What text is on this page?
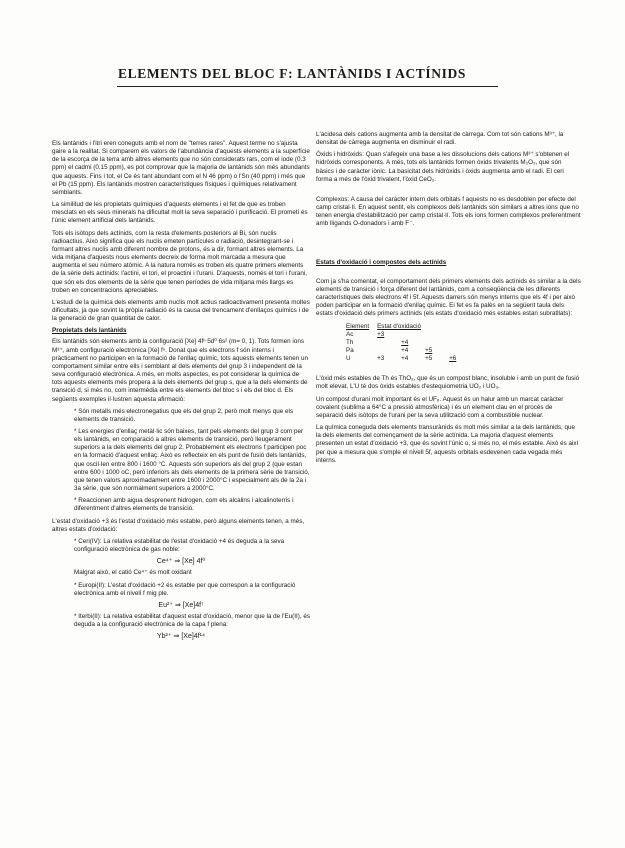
ELEMENTS DEL BLOC F: LANTÀNIDS I ACTÍNIDS

Els lantànids i l'itri eren coneguts amb el nom de "terres rares". Aquest terme no s'ajusta gaire a la realitat. Si comparem els valors de l'abundància d'aquests elements a la superfície de la escorça de la terra amb altres elements que no són considerats rars, com el iode (0.3 ppm) el cadmi (0.15 ppm), es pot comprovar que la majoria de lantànids són més abundants que aquests. Fins i tot, el Ce és tant abundant com el N 46 ppm) o l'Sn (40 ppm) i més que el Pb (15 ppm). Els lantànids mostren característiques físiques i químiques relativament semblants.

La similitud de les propietats químiques d'aquests elements i el fet de que es troben mesclats en els seus minerals ha dificultat molt la seva separació i purificació. El prometi és l'únic element artificial dels lantànids.

Tots els isòtops dels actínids, com la resta d'elements posteriors al Bi, són nuclis radioactius. Això significa que els nuclis emeten partícules o radiació, desintegrant-se i formant altres nuclis amb diferent nombre de protons, és a dir, formant altres elements. La vida mitjana d'aquests nous elements decreix de forma molt marcada a mesura que augmenta el seu número atòmic. A la natura només es troben els quatre primers elements de la sèrie dels actínids: l'actini, el tori, el proactini i l'urani. D'aquests, només el tori i l'urani, que són els dos elements de la sèrie que tenen períodes de vida mitjana més llargs es troben en concentracions apreciables.

L'estudi de la química dels elements amb nuclis molt actius radioactivament presenta moltes dificultats, ja que sovint la pròpia radiació és la causa del trencament d'enllaços químics i de la generació de gran quantitat de calor.

Propietats dels lantànids

Els lantànids són elements amb la configuració [Xe] 4fⁿ 5d⁰ 6s² (m= 0, 1). Tots formen ions M³⁺, amb configuració electrònica [Xe] fⁿ. Donat que els electrons f són interns i pràcticament no participen en la formació de l'enllaç químic, tots aquests elements tenen un comportament similar entre ells i semblant al dels elements del grup 3 i independent de la seva configuració electrònica. A més, en molts aspectes, es pot considerar la química de tots aquests elements més propera a la dels elements del grup s, que a la dels elements de transició d, si més no, com intermèdia entre els elements del bloc s i els del bloc d. Els següents exemples il·lustren aquesta afirmació:

* Són metalls més electronegatius que els del grup 2, però molt menys que els elements de transició.

* Les energies d'enllaç metàl·lic són baixes, tant pels elements del grup 3 com per els lantànids, en comparació a altres elements de transició, però lleugerament superiors a la dels elements del grup 2. Probablement els electrons f participen poc en la formació d'aquest enllaç. Això es reflecteix en els punt de fusió dels lantànids, que oscil·len entre 800 i 1600 °C. Aquests són superiors als del grup 2 (que estan entre 600 i 1000 oC, però inferiors als dels elements de la primera sèrie de transició, que tenen valors aproximadament entre 1600 i 2000°C i especialment als de la 2a i 3a sèrie, que són normalment superiors a 2000°C.

* Reaccionen amb aigua desprenent hidrogen, com els alcalins i alcalinoterris i diferentment d'altres elements de transició.

L'estat d'oxidació +3 és l'estat d'oxidació més estable, però alguns elements tenen, a més, altres estats d'oxidació:

* Ceri(IV): La relativa estabilitat de l'estat d'oxidació +4 és deguda a la seva configuració electrònica de gas noble:

Ce⁴⁺ ⇒ [Xe] 4f⁰

Malgrat això, el catió Ce⁴⁺ és molt oxidant

* Europi(II): L'estat d'oxidació +2 és estable per que correspon a la configuració electrònica amb el nivell f mig ple.

Eu²⁺ ⇒ [Xe]4f⁷

* Iterbi(II): La relativa estabilitat d'aquest estat d'oxidació, menor que la de l'Eu(II), és deguda a la configuració electrònica de la capa f plena:

Yb²⁺ ⇒ [Xe]4f¹⁴

L'acidesa dels cations augmenta amb la densitat de càrrega. Com tot són cations M³⁺, la densitat de càrrega augmenta en disminuir el radi.

Òxids i hidròxids: Quan s'afegeix una base a les dissolucions dels cations M³⁺ s'obtenen el hidròxids corresponents. A més, tots els lantànids formen òxids trivalents M₂O₃, que són bàsics i de caràcter iònic. La basicitat dels hidròxids i òxids augmenta amb el radi. El ceri forma a més de l'òxid trivalent, l'òxid CeO₂.

Complexos: A causa del caràcter intern dels orbitals f aquests no es desdoblen per efecte del camp cristal·lí. En aquest sentit, els complexos dels lantànids són similars a altres ions que no tenen energia d'estabilització per camp cristal·lí. Tots els ions formen complexos preferentment amb lligands O-donadors i amb F⁻.

Estats d'oxidació i compostos dels actínids

Com ja s'ha comentat, el comportament dels primers elements dels actínids és similar a la dels elements de transició i força diferent del lantànids, com a conseqüència de les diferents característiques dels electrons 4f i 5f. Aquests darrers són menys interns que els 4f i per això poden participar en la formació d'enllaç químic. Ei fet es fa palès en la següent taula dels estats d'oxidació dels primers actínids (els estats d'oxidació més estables estan subratllats):

Element	Estat d'oxidació				
Ac	+3				
Th		+4			
Pa		+4	+5		
U	+3	+4	+5	+6	

L'òxid més estables de Th és ThO₂, que és un compost blanc, insoluble i amb un punt de fusió molt elevat. L'U té dos òxids estables d'estequiometria UO₂ i UO₃.

Un compost d'urani molt important és el UF₆. Aquest és un halur amb un marcat caràcter covalent (sublima a 64°C a pressió atmosfèrica) i és un element clau en el procés de separació dels isòtops de l'urani per la seva utilització com a combustible nuclear.

La química coneguda dels elements transurànids és molt més similar a la dels lantànids, que la dels elements del començament de la sèrie actínida. La majoria d'aquest elements presenten un estat d'oxidació +3, que és sovint l'únic o, si més no, el més estable. Això és així per que a mesura que s'omple el nivell 5f, aquests orbitals esdevenen cada vegada més interns.
